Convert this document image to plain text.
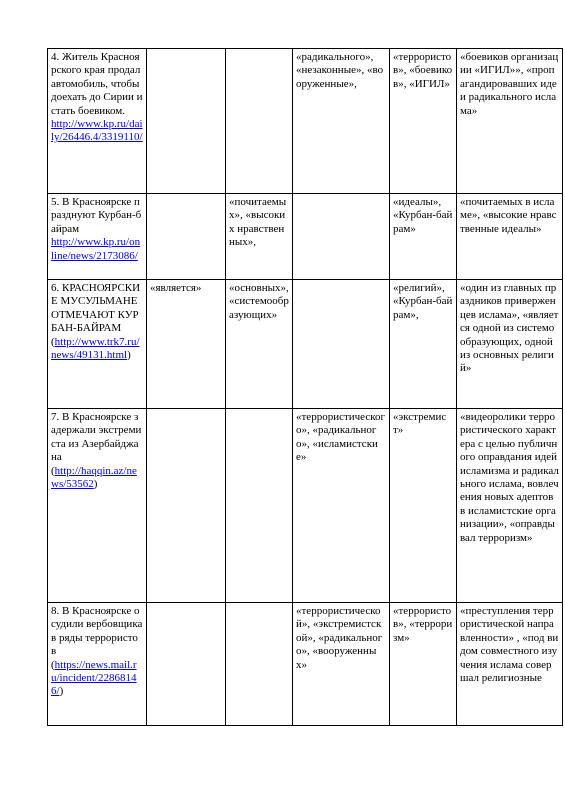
4. Житель Красноярского края продал автомобиль, чтобы доехать до Сирии и стать боевиком.
http://www.kp.ru/daily/26446.4/3319110/			«радикального», «незаконные», «вооруженные»,	«террористов», «боевиков», «ИГИЛ»	«боевиков организации «ИГИЛ»», «пропагандировавших идеи радикального ислама»

5. В Красноярске празднуют Курбан-байрам
http://www.kp.ru/online/news/2173086/		«почитаемых», «высоких нравственных»,		«идеалы», «Курбан-байрам»	«почитаемых в исламе», «высокие нравственные идеалы»

6. КРАСНОЯРСКИЕ МУСУЛЬМАНЕ ОТМЕЧАЮТ КУРБАН-БАЙРАМ
(http://www.trk7.ru/news/49131.html)	«является»	«основных», «системообразующих»		«религий», «Курбан-байрам»,	«один из главных праздников приверженцев ислама», «является одной из системообразующих, одной из основных религий»

7. В Красноярске задержали экстремиста из Азербайджана
(http://haqqin.az/news/53562)			«террористического», «радикального», «исламистские»	«экстремист»	«видеоролики террористического характера с целью публичного оправдания идей исламизма и радикального ислама, вовлечения новых адептов в исламистские организации», «оправдывал терроризм»

8. В Красноярске осудили вербовщика в ряды террористов
(https://news.mail.ru/incident/22868146/)			«террористической», «экстремистской», «радикального», «вооруженных»	«террористов», «терроризм»	«преступления террористической направленности» , «под видом совместного изучения ислама совершал религиозные
